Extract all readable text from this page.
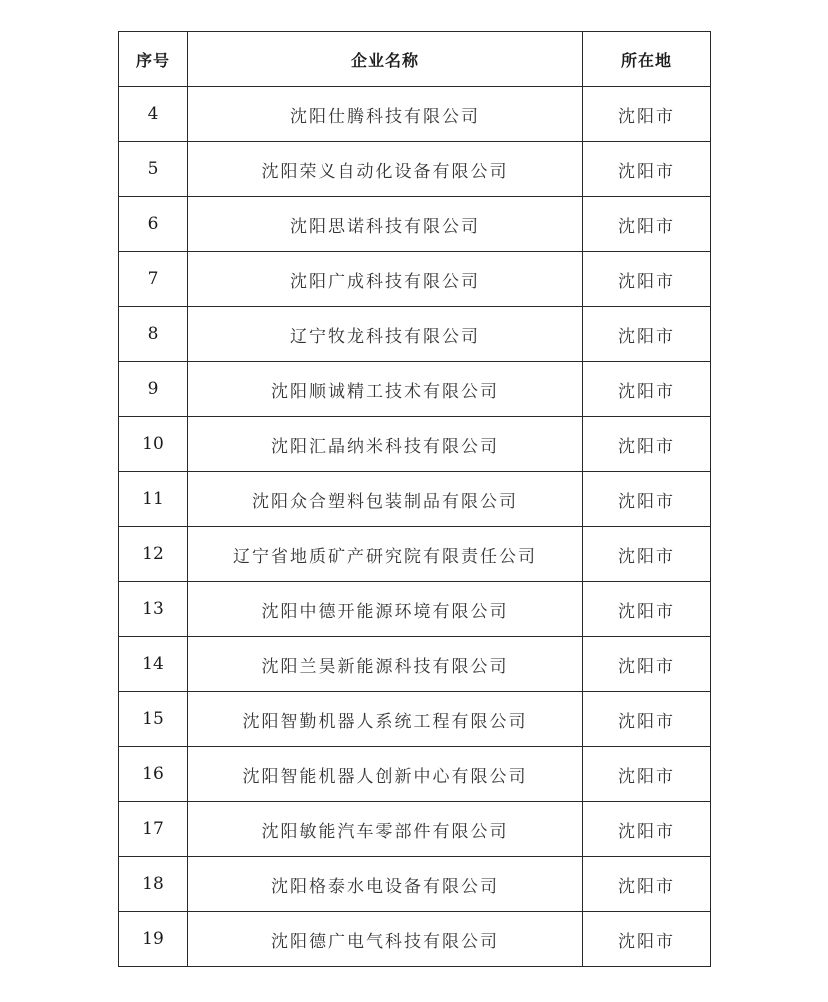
序号	企业名称	所在地
4	沈阳仕腾科技有限公司	沈阳市
5	沈阳荣义自动化设备有限公司	沈阳市
6	沈阳思诺科技有限公司	沈阳市
7	沈阳广成科技有限公司	沈阳市
8	辽宁牧龙科技有限公司	沈阳市
9	沈阳顺诚精工技术有限公司	沈阳市
10	沈阳汇晶纳米科技有限公司	沈阳市
11	沈阳众合塑料包装制品有限公司	沈阳市
12	辽宁省地质矿产研究院有限责任公司	沈阳市
13	沈阳中德开能源环境有限公司	沈阳市
14	沈阳兰昊新能源科技有限公司	沈阳市
15	沈阳智勤机器人系统工程有限公司	沈阳市
16	沈阳智能机器人创新中心有限公司	沈阳市
17	沈阳敏能汽车零部件有限公司	沈阳市
18	沈阳格泰水电设备有限公司	沈阳市
19	沈阳德广电气科技有限公司	沈阳市
